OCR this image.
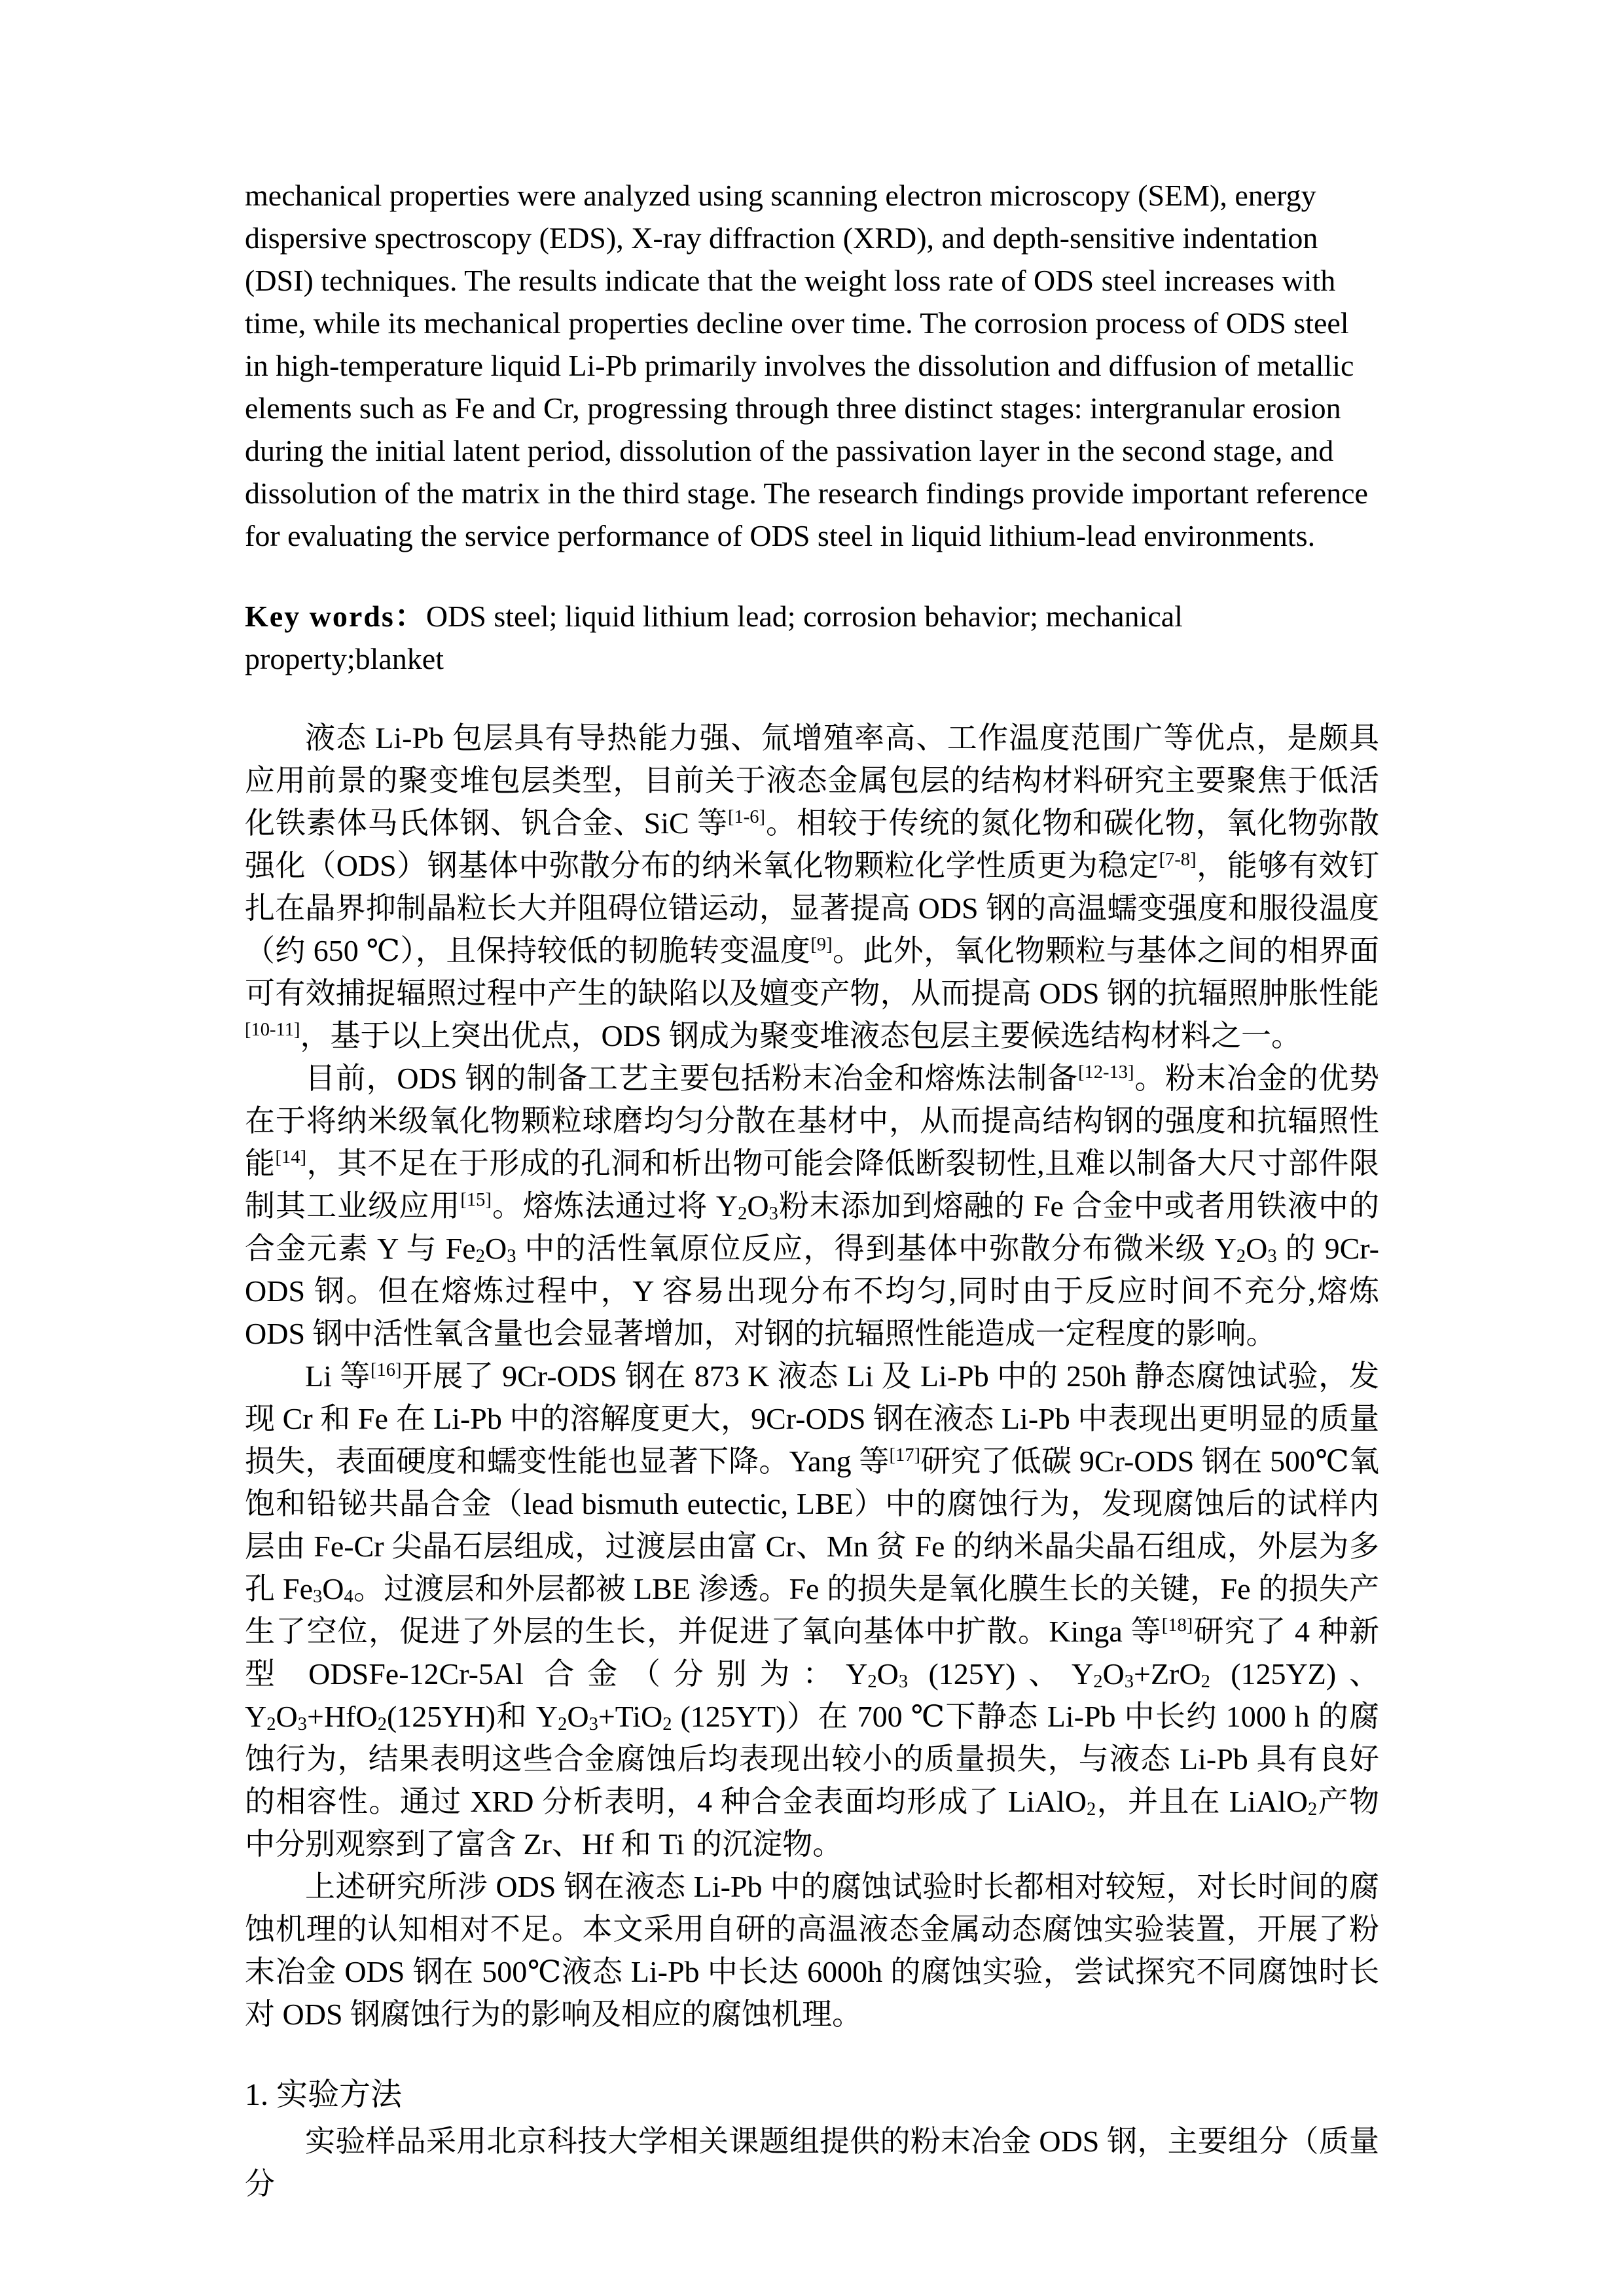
mechanical properties were analyzed using scanning electron microscopy (SEM), energy dispersive spectroscopy (EDS), X-ray diffraction (XRD), and depth-sensitive indentation (DSI) techniques. The results indicate that the weight loss rate of ODS steel increases with time, while its mechanical properties decline over time. The corrosion process of ODS steel in high-temperature liquid Li-Pb primarily involves the dissolution and diffusion of metallic elements such as Fe and Cr, progressing through three distinct stages: intergranular erosion during the initial latent period, dissolution of the passivation layer in the second stage, and dissolution of the matrix in the third stage. The research findings provide important reference for evaluating the service performance of ODS steel in liquid lithium-lead environments.

Key words：ODS steel; liquid lithium lead; corrosion behavior; mechanical property;blanket

液态 Li-Pb 包层具有导热能力强、氚增殖率高、工作温度范围广等优点，是颇具应用前景的聚变堆包层类型，目前关于液态金属包层的结构材料研究主要聚焦于低活化铁素体马氏体钢、钒合金、SiC 等[1-6]。相较于传统的氮化物和碳化物，氧化物弥散强化（ODS）钢基体中弥散分布的纳米氧化物颗粒化学性质更为稳定[7-8]，能够有效钉扎在晶界抑制晶粒长大并阻碍位错运动，显著提高 ODS 钢的高温蠕变强度和服役温度（约 650 ℃），且保持较低的韧脆转变温度[9]。此外，氧化物颗粒与基体之间的相界面可有效捕捉辐照过程中产生的缺陷以及嬗变产物，从而提高 ODS 钢的抗辐照肿胀性能[10-11]，基于以上突出优点，ODS 钢成为聚变堆液态包层主要候选结构材料之一。

目前，ODS 钢的制备工艺主要包括粉末冶金和熔炼法制备[12-13]。粉末冶金的优势在于将纳米级氧化物颗粒球磨均匀分散在基材中，从而提高结构钢的强度和抗辐照性能[14]，其不足在于形成的孔洞和析出物可能会降低断裂韧性,且难以制备大尺寸部件限制其工业级应用[15]。熔炼法通过将 $Y_2O_3$粉末添加到熔融的 Fe 合金中或者用铁液中的合金元素 Y 与 $Fe_2O_3$ 中的活性氧原位反应，得到基体中弥散分布微米级 $Y_2O_3$ 的 9Cr-ODS 钢。但在熔炼过程中，Y 容易出现分布不均匀,同时由于反应时间不充分,熔炼 ODS 钢中活性氧含量也会显著增加，对钢的抗辐照性能造成一定程度的影响。

Li 等[16]开展了 9Cr-ODS 钢在 873 K 液态 Li 及 Li-Pb 中的 250h 静态腐蚀试验，发现 Cr 和 Fe 在 Li-Pb 中的溶解度更大，9Cr-ODS 钢在液态 Li-Pb 中表现出更明显的质量损失，表面硬度和蠕变性能也显著下降。Yang 等[17]研究了低碳 9Cr-ODS 钢在 500℃氧饱和铅铋共晶合金（lead bismuth eutectic, LBE）中的腐蚀行为，发现腐蚀后的试样内层由 Fe-Cr 尖晶石层组成，过渡层由富 Cr、Mn 贫 Fe 的纳米晶尖晶石组成，外层为多孔 $Fe_3O_4$。过渡层和外层都被 LBE 渗透。Fe 的损失是氧化膜生长的关键，Fe 的损失产生了空位，促进了外层的生长，并促进了氧向基体中扩散。Kinga 等[18]研究了 4 种新型 ODSFe-12Cr-5Al 合金（分别为：$Y_2O_3$ (125Y)、$Y_2O_3+ZrO_2$ (125YZ)、$Y_2O_3+HfO_2(125YH)$和 $Y_2O_3+TiO_2$ (125YT)）在 700 ℃下静态 Li-Pb 中长约 1000 h 的腐蚀行为，结果表明这些合金腐蚀后均表现出较小的质量损失，与液态 Li-Pb 具有良好的相容性。通过 XRD 分析表明，4 种合金表面均形成了 LiAlO$_2$，并且在 LiAlO$_2$产物中分别观察到了富含 Zr、Hf 和 Ti 的沉淀物。

上述研究所涉 ODS 钢在液态 Li-Pb 中的腐蚀试验时长都相对较短，对长时间的腐蚀机理的认知相对不足。本文采用自研的高温液态金属动态腐蚀实验装置，开展了粉末冶金 ODS 钢在 500℃液态 Li-Pb 中长达 6000h 的腐蚀实验，尝试探究不同腐蚀时长对 ODS 钢腐蚀行为的影响及相应的腐蚀机理。

1. 实验方法

实验样品采用北京科技大学相关课题组提供的粉末冶金 ODS 钢，主要组分（质量分
